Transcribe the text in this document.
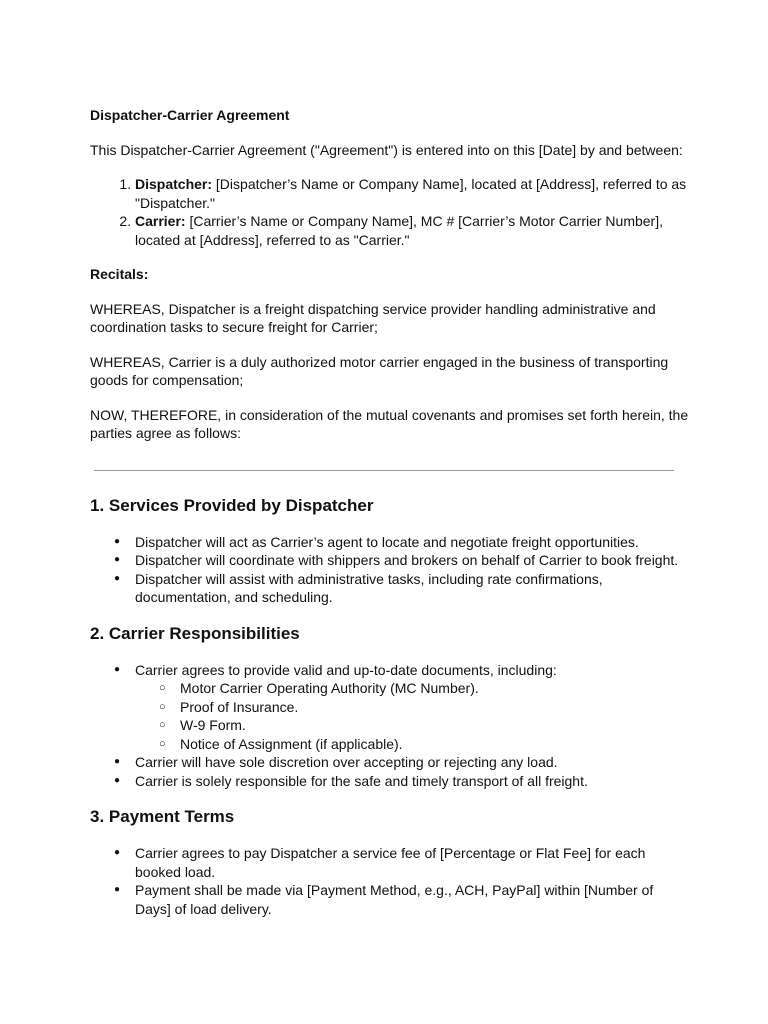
Dispatcher-Carrier Agreement

This Dispatcher-Carrier Agreement ("Agreement") is entered into on this [Date] by and between:

1. Dispatcher: [Dispatcher’s Name or Company Name], located at [Address], referred to as "Dispatcher."
2. Carrier: [Carrier’s Name or Company Name], MC # [Carrier’s Motor Carrier Number], located at [Address], referred to as "Carrier."
Recitals:

WHEREAS, Dispatcher is a freight dispatching service provider handling administrative and coordination tasks to secure freight for Carrier;

WHEREAS, Carrier is a duly authorized motor carrier engaged in the business of transporting goods for compensation;

NOW, THEREFORE, in consideration of the mutual covenants and promises set forth herein, the parties agree as follows:

1. Services Provided by Dispatcher
● Dispatcher will act as Carrier’s agent to locate and negotiate freight opportunities.
● Dispatcher will coordinate with shippers and brokers on behalf of Carrier to book freight.
● Dispatcher will assist with administrative tasks, including rate confirmations, documentation, and scheduling.
2. Carrier Responsibilities
● Carrier agrees to provide valid and up-to-date documents, including:
○ Motor Carrier Operating Authority (MC Number).
○ Proof of Insurance.
○ W-9 Form.
○ Notice of Assignment (if applicable).
● Carrier will have sole discretion over accepting or rejecting any load.
● Carrier is solely responsible for the safe and timely transport of all freight.
3. Payment Terms
● Carrier agrees to pay Dispatcher a service fee of [Percentage or Flat Fee] for each booked load.
● Payment shall be made via [Payment Method, e.g., ACH, PayPal] within [Number of Days] of load delivery.
